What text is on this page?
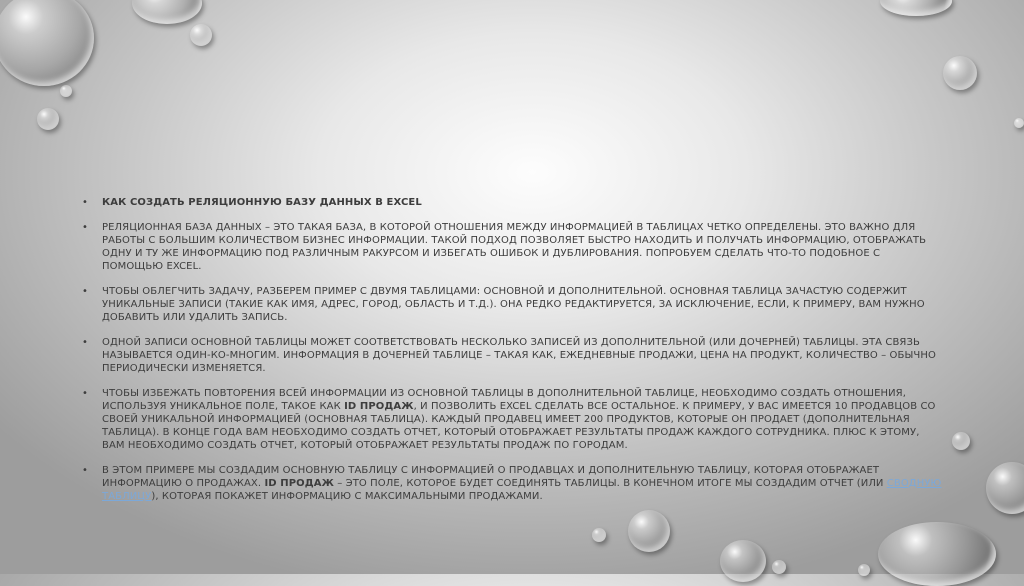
• КАК СОЗДАТЬ РЕЛЯЦИОННУЮ БАЗУ ДАННЫХ В EXCEL
• РЕЛЯЦИОННАЯ БАЗА ДАННЫХ – ЭТО ТАКАЯ БАЗА, В КОТОРОЙ ОТНОШЕНИЯ МЕЖДУ ИНФОРМАЦИЕЙ В ТАБЛИЦАХ ЧЕТКО ОПРЕДЕЛЕНЫ. ЭТО ВАЖНО ДЛЯ РАБОТЫ С БОЛЬШИМ КОЛИЧЕСТВОМ БИЗНЕС ИНФОРМАЦИИ. ТАКОЙ ПОДХОД ПОЗВОЛЯЕТ БЫСТРО НАХОДИТЬ И ПОЛУЧАТЬ ИНФОРМАЦИЮ, ОТОБРАЖАТЬ ОДНУ И ТУ ЖЕ ИНФОРМАЦИЮ ПОД РАЗЛИЧНЫМ РАКУРСОМ И ИЗБЕГАТЬ ОШИБОК И ДУБЛИРОВАНИЯ. ПОПРОБУЕМ СДЕЛАТЬ ЧТО-ТО ПОДОБНОЕ С ПОМОЩЬЮ EXCEL.
• ЧТОБЫ ОБЛЕГЧИТЬ ЗАДАЧУ, РАЗБЕРЕМ ПРИМЕР С ДВУМЯ ТАБЛИЦАМИ: ОСНОВНОЙ И ДОПОЛНИТЕЛЬНОЙ. ОСНОВНАЯ ТАБЛИЦА ЗАЧАСТУЮ СОДЕРЖИТ УНИКАЛЬНЫЕ ЗАПИСИ (ТАКИЕ КАК ИМЯ, АДРЕС, ГОРОД, ОБЛАСТЬ И Т.Д.). ОНА РЕДКО РЕДАКТИРУЕТСЯ, ЗА ИСКЛЮЧЕНИЕ, ЕСЛИ, К ПРИМЕРУ, ВАМ НУЖНО ДОБАВИТЬ ИЛИ УДАЛИТЬ ЗАПИСЬ.
• ОДНОЙ ЗАПИСИ ОСНОВНОЙ ТАБЛИЦЫ МОЖЕТ СООТВЕТСТВОВАТЬ НЕСКОЛЬКО ЗАПИСЕЙ ИЗ ДОПОЛНИТЕЛЬНОЙ (ИЛИ ДОЧЕРНЕЙ) ТАБЛИЦЫ. ЭТА СВЯЗЬ НАЗЫВАЕТСЯ ОДИН-КО-МНОГИМ. ИНФОРМАЦИЯ В ДОЧЕРНЕЙ ТАБЛИЦЕ – ТАКАЯ КАК, ЕЖЕДНЕВНЫЕ ПРОДАЖИ, ЦЕНА НА ПРОДУКТ, КОЛИЧЕСТВО – ОБЫЧНО ПЕРИОДИЧЕСКИ ИЗМЕНЯЕТСЯ.
• ЧТОБЫ ИЗБЕЖАТЬ ПОВТОРЕНИЯ ВСЕЙ ИНФОРМАЦИИ ИЗ ОСНОВНОЙ ТАБЛИЦЫ В ДОПОЛНИТЕЛЬНОЙ ТАБЛИЦЕ, НЕОБХОДИМО СОЗДАТЬ ОТНОШЕНИЯ, ИСПОЛЬЗУЯ УНИКАЛЬНОЕ ПОЛЕ, ТАКОЕ КАК ID ПРОДАЖ, И ПОЗВОЛИТЬ EXCEL СДЕЛАТЬ ВСЕ ОСТАЛЬНОЕ. К ПРИМЕРУ, У ВАС ИМЕЕТСЯ 10 ПРОДАВЦОВ СО СВОЕЙ УНИКАЛЬНОЙ ИНФОРМАЦИЕЙ (ОСНОВНАЯ ТАБЛИЦА). КАЖДЫЙ ПРОДАВЕЦ ИМЕЕТ 200 ПРОДУКТОВ, КОТОРЫЕ ОН ПРОДАЕТ (ДОПОЛНИТЕЛЬНАЯ ТАБЛИЦА). В КОНЦЕ ГОДА ВАМ НЕОБХОДИМО СОЗДАТЬ ОТЧЕТ, КОТОРЫЙ ОТОБРАЖАЕТ РЕЗУЛЬТАТЫ ПРОДАЖ КАЖДОГО СОТРУДНИКА. ПЛЮС К ЭТОМУ, ВАМ НЕОБХОДИМО СОЗДАТЬ ОТЧЕТ, КОТОРЫЙ ОТОБРАЖАЕТ РЕЗУЛЬТАТЫ ПРОДАЖ ПО ГОРОДАМ.
• В ЭТОМ ПРИМЕРЕ МЫ СОЗДАДИМ ОСНОВНУЮ ТАБЛИЦУ С ИНФОРМАЦИЕЙ О ПРОДАВЦАХ И ДОПОЛНИТЕЛЬНУЮ ТАБЛИЦУ, КОТОРАЯ ОТОБРАЖАЕТ ИНФОРМАЦИЮ О ПРОДАЖАХ. ID ПРОДАЖ – ЭТО ПОЛЕ, КОТОРОЕ БУДЕТ СОЕДИНЯТЬ ТАБЛИЦЫ. В КОНЕЧНОМ ИТОГЕ МЫ СОЗДАДИМ ОТЧЕТ (ИЛИ СВОДНУЮ ТАБЛИЦУ), КОТОРАЯ ПОКАЖЕТ ИНФОРМАЦИЮ С МАКСИМАЛЬНЫМИ ПРОДАЖАМИ.
